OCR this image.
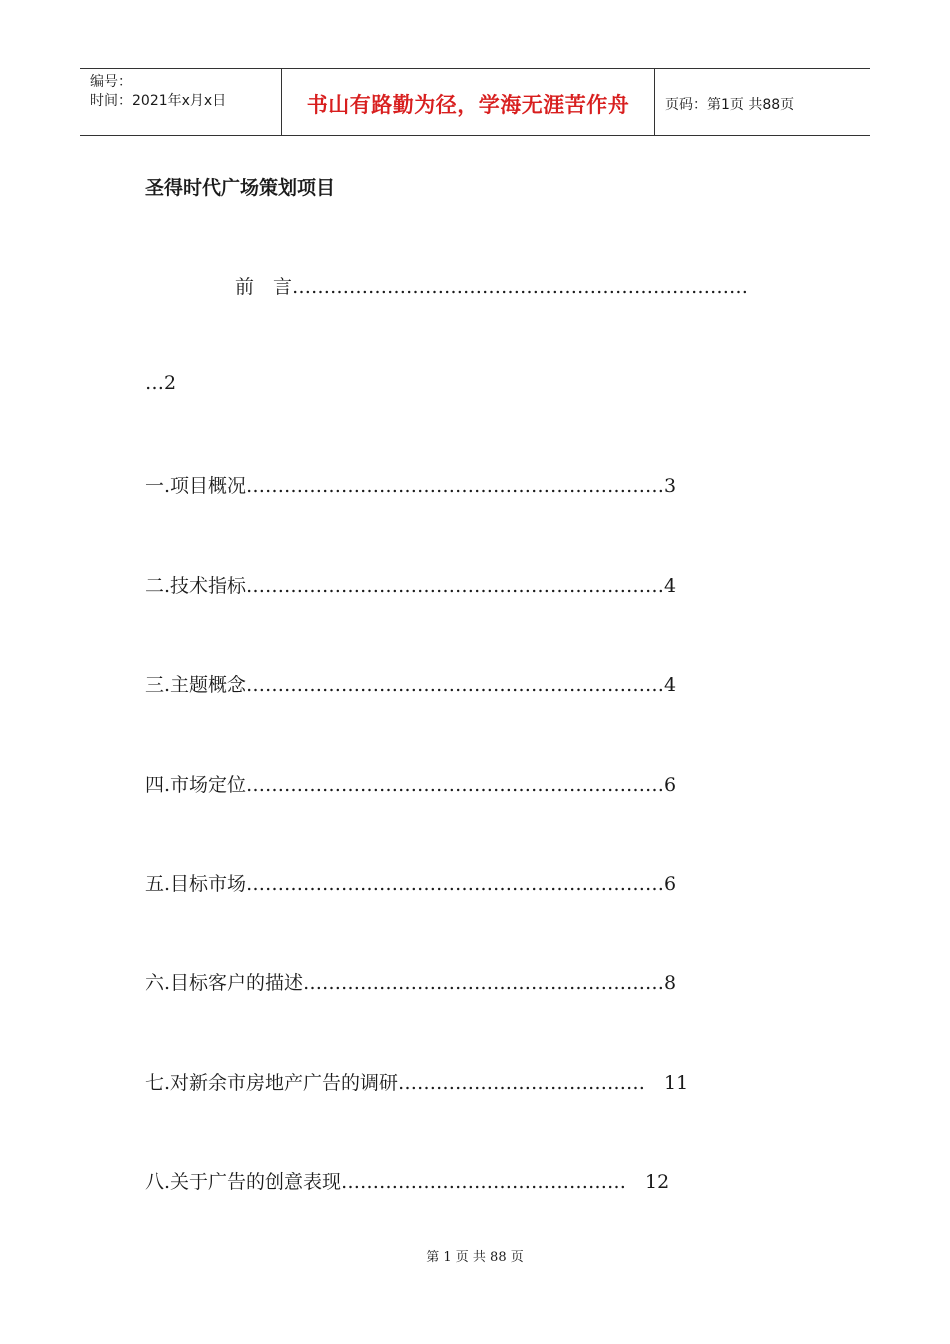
编号：
时间：2021年x月x日	书山有路勤为径，学海无涯苦作舟	页码：第1页 共88页
圣得时代广场策划项目
前　言………………………………………………………………
…2
一.项目概况…………………………………………………………3
二.技术指标…………………………………………………………4
三.主题概念…………………………………………………………4
四.市场定位…………………………………………………………6
五.目标市场…………………………………………………………6
六.目标客户的描述…………………………………………………8
七.对新余市房地产广告的调研…………………………………　11
八.关于广告的创意表现………………………………………　12
第 1 页 共 88 页
